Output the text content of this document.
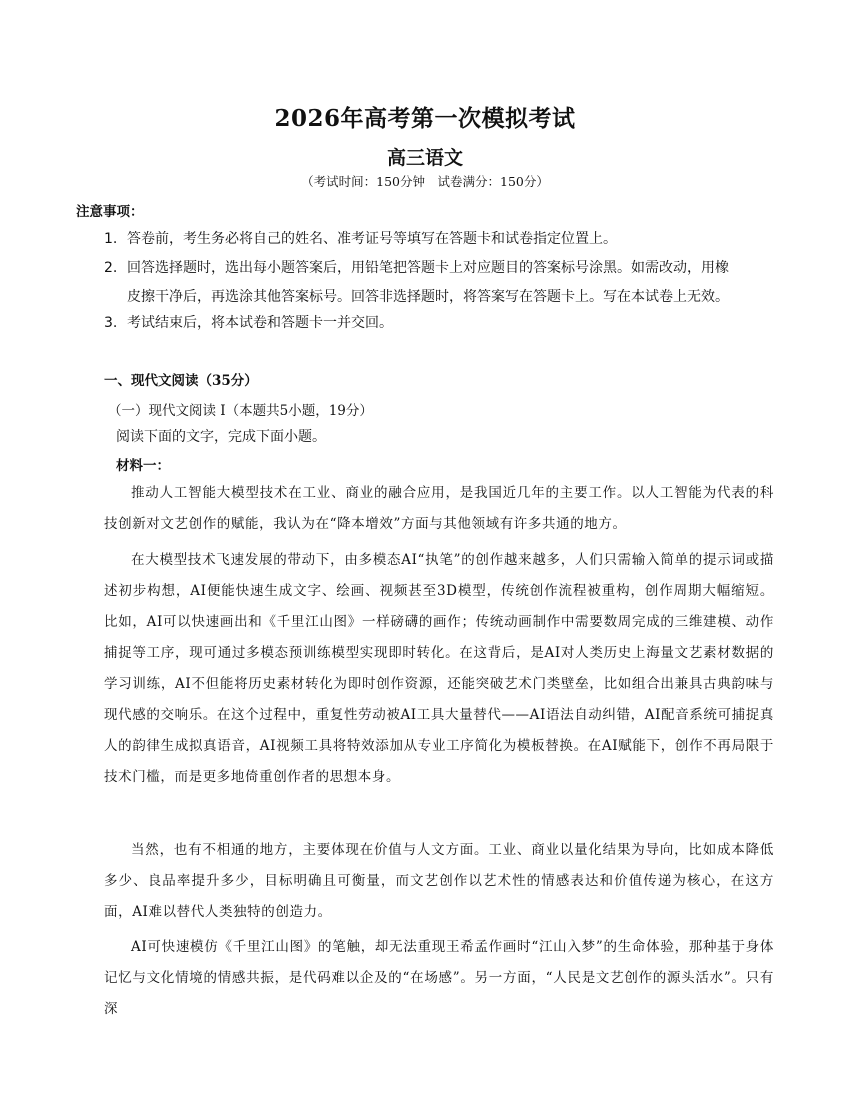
2026年高考第一次模拟考试
高三语文
（考试时间：150分钟　试卷满分：150分）
注意事项：
1. 答卷前，考生务必将自己的姓名、准考证号等填写在答题卡和试卷指定位置上。
2. 回答选择题时，选出每小题答案后，用铅笔把答题卡上对应题目的答案标号涂黑。如需改动，用橡
皮擦干净后，再选涂其他答案标号。回答非选择题时，将答案写在答题卡上。写在本试卷上无效。
3. 考试结束后，将本试卷和答题卡一并交回。
一、现代文阅读（35分）
（一）现代文阅读 I（本题共5小题，19分）
阅读下面的文字，完成下面小题。
材料一：
推动人工智能大模型技术在工业、商业的融合应用，是我国近几年的主要工作。以人工智能为代表的科技创新对文艺创作的赋能，我认为在“降本增效”方面与其他领域有许多共通的地方。
在大模型技术飞速发展的带动下，由多模态AI“执笔”的创作越来越多，人们只需输入简单的提示词或描述初步构想，AI便能快速生成文字、绘画、视频甚至3D模型，传统创作流程被重构，创作周期大幅缩短。比如，AI可以快速画出和《千里江山图》一样磅礴的画作；传统动画制作中需要数周完成的三维建模、动作捕捉等工序，现可通过多模态预训练模型实现即时转化。在这背后，是AI对人类历史上海量文艺素材数据的学习训练，AI不但能将历史素材转化为即时创作资源，还能突破艺术门类壁垒，比如组合出兼具古典韵味与现代感的交响乐。在这个过程中，重复性劳动被AI工具大量替代——AI语法自动纠错，AI配音系统可捕捉真人的韵律生成拟真语音，AI视频工具将特效添加从专业工序简化为模板替换。在AI赋能下，创作不再局限于技术门槛，而是更多地倚重创作者的思想本身。
当然，也有不相通的地方，主要体现在价值与人文方面。工业、商业以量化结果为导向，比如成本降低多少、良品率提升多少，目标明确且可衡量，而文艺创作以艺术性的情感表达和价值传递为核心，在这方面，AI难以替代人类独特的创造力。
AI可快速模仿《千里江山图》的笔触，却无法重现王希孟作画时“江山入梦”的生命体验，那种基于身体记忆与文化情境的情感共振，是代码难以企及的“在场感”。另一方面，“人民是文艺创作的源头活水”。只有深
